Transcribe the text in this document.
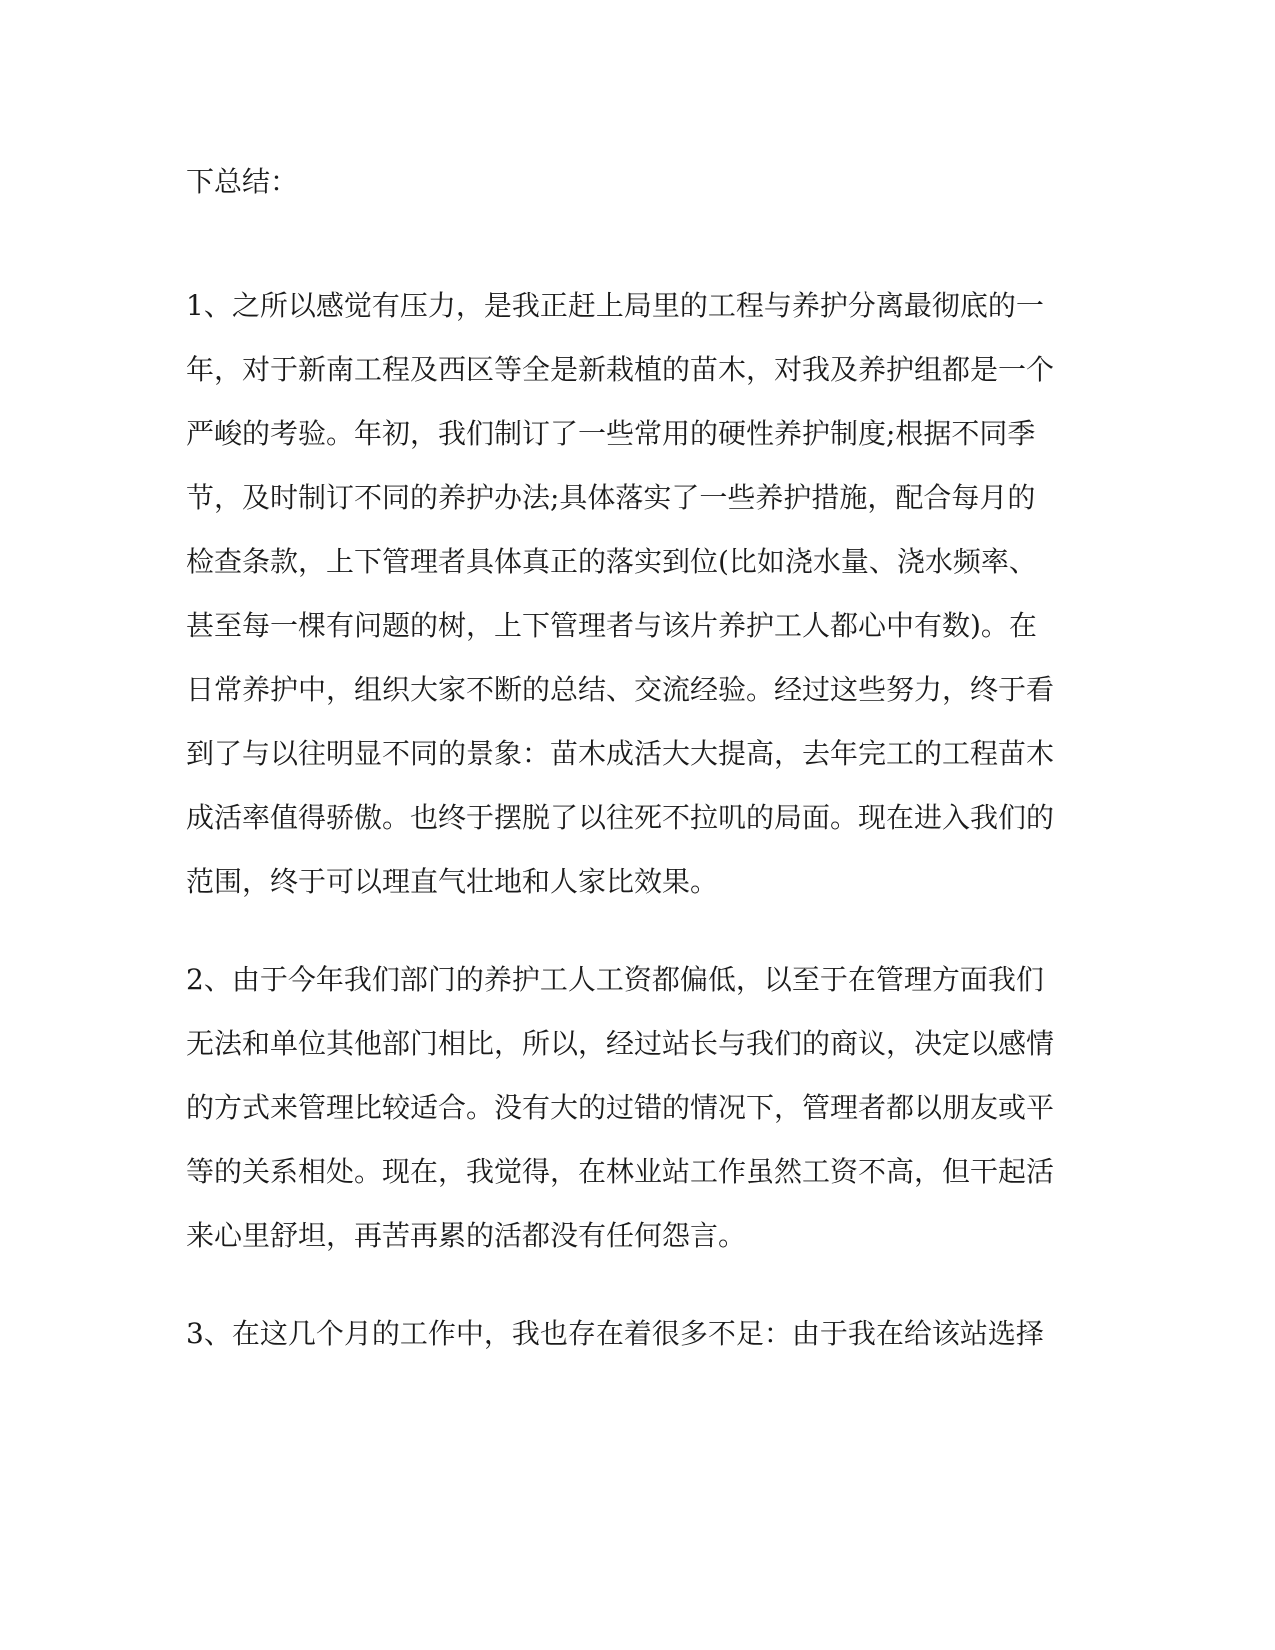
下总结：
1、之所以感觉有压力，是我正赶上局里的工程与养护分离最彻底的一
年，对于新南工程及西区等全是新栽植的苗木，对我及养护组都是一个
严峻的考验。年初，我们制订了一些常用的硬性养护制度;根据不同季
节，及时制订不同的养护办法;具体落实了一些养护措施，配合每月的
检查条款，上下管理者具体真正的落实到位(比如浇水量、浇水频率、
甚至每一棵有问题的树，上下管理者与该片养护工人都心中有数)。在
日常养护中，组织大家不断的总结、交流经验。经过这些努力，终于看
到了与以往明显不同的景象：苗木成活大大提高，去年完工的工程苗木
成活率值得骄傲。也终于摆脱了以往死不拉叽的局面。现在进入我们的
范围，终于可以理直气壮地和人家比效果。
2、由于今年我们部门的养护工人工资都偏低，以至于在管理方面我们
无法和单位其他部门相比，所以，经过站长与我们的商议，决定以感情
的方式来管理比较适合。没有大的过错的情况下，管理者都以朋友或平
等的关系相处。现在，我觉得，在林业站工作虽然工资不高，但干起活
来心里舒坦，再苦再累的活都没有任何怨言。
3、在这几个月的工作中，我也存在着很多不足：由于我在给该站选择
